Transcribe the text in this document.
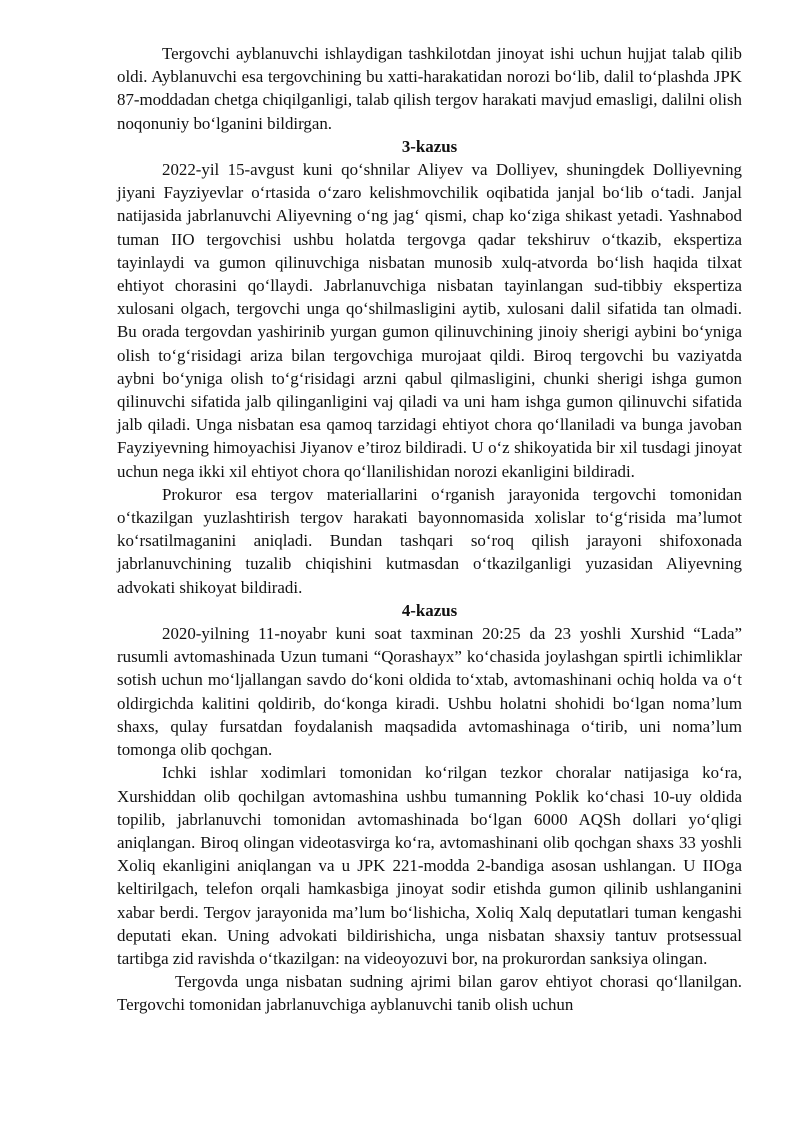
Tergovchi ayblanuvchi ishlaydigan tashkilotdan jinoyat ishi uchun hujjat talab qilib oldi. Ayblanuvchi esa tergovchining bu xatti-harakatidan norozi bo‘lib, dalil to‘plashda JPK 87-moddadan chetga chiqilganligi, talab qilish tergov harakati mavjud emasligi, dalilni olish noqonuniy bo‘lganini bildirgan.

3-kazus

2022-yil 15-avgust kuni qo‘shnilar Aliyev va Dolliyev, shuningdek Dolliyevning jiyani Fayziyevlar o‘rtasida o‘zaro kelishmovchilik oqibatida janjal bo‘lib o‘tadi. Janjal natijasida jabrlanuvchi Aliyevning o‘ng jag‘ qismi, chap ko‘ziga shikast yetadi. Yashnabod tuman IIO tergovchisi ushbu holatda tergovga qadar tekshiruv o‘tkazib, ekspertiza tayinlaydi va gumon qilinuvchiga nisbatan munosib xulq-atvorda bo‘lish haqida tilxat ehtiyot chorasini qo‘llaydi. Jabrlanuvchiga nisbatan tayinlangan sud-tibbiy ekspertiza xulosani olgach, tergovchi unga qo‘shilmasligini aytib, xulosani dalil sifatida tan olmadi. Bu orada tergovdan yashirinib yurgan gumon qilinuvchining jinoiy sherigi aybini bo‘yniga olish to‘g‘risidagi ariza bilan tergovchiga murojaat qildi. Biroq tergovchi bu vaziyatda aybni bo‘yniga olish to‘g‘risidagi arzni qabul qilmasligini, chunki sherigi ishga gumon qilinuvchi sifatida jalb qilinganligini vaj qiladi va uni ham ishga gumon qilinuvchi sifatida jalb qiladi. Unga nisbatan esa qamoq tarzidagi ehtiyot chora qo‘llaniladi va bunga javoban Fayziyevning himoyachisi Jiyanov e’tiroz bildiradi. U o‘z shikoyatida bir xil tusdagi jinoyat uchun nega ikki xil ehtiyot chora qo‘llanilishidan norozi ekanligini bildiradi.

Prokuror esa tergov materiallarini o‘rganish jarayonida tergovchi tomonidan o‘tkazilgan yuzlashtirish tergov harakati bayonnomasida xolislar to‘g‘risida ma’lumot ko‘rsatilmaganini aniqladi. Bundan tashqari so‘roq qilish jarayoni shifoxonada jabrlanuvchining tuzalib chiqishini kutmasdan o‘tkazilganligi yuzasidan Aliyevning advokati shikoyat bildiradi.

4-kazus

2020-yilning 11-noyabr kuni soat taxminan 20:25 da 23 yoshli Xurshid “Lada” rusumli avtomashinada Uzun tumani “Qorashayx” ko‘chasida joylashgan spirtli ichimliklar sotish uchun mo‘ljallangan savdo do‘koni oldida to‘xtab, avtomashinani ochiq holda va o‘t oldirgichda kalitini qoldirib, do‘konga kiradi. Ushbu holatni shohidi bo‘lgan noma’lum shaxs, qulay fursatdan foydalanish maqsadida avtomashinaga o‘tirib, uni noma’lum tomonga olib qochgan.

Ichki ishlar xodimlari tomonidan ko‘rilgan tezkor choralar natijasiga ko‘ra, Xurshiddan olib qochilgan avtomashina ushbu tumanning Poklik ko‘chasi 10-uy oldida topilib, jabrlanuvchi tomonidan avtomashinada bo‘lgan 6000 AQSh dollari yo‘qligi aniqlangan. Biroq olingan videotasvirga ko‘ra, avtomashinani olib qochgan shaxs 33 yoshli Xoliq ekanligini aniqlangan va u JPK 221-modda 2-bandiga asosan ushlangan. U IIOga keltirilgach, telefon orqali hamkasbiga jinoyat sodir etishda gumon qilinib ushlanganini xabar berdi. Tergov jarayonida ma’lum bo‘lishicha, Xoliq Xalq deputatlari tuman kengashi deputati ekan. Uning advokati bildirishicha, unga nisbatan shaxsiy tantuv protsessual tartibga zid ravishda o‘tkazilgan: na videoyozuvi bor, na prokurordan sanksiya olingan.

Tergovda unga nisbatan sudning ajrimi bilan garov ehtiyot chorasi qo‘llanilgan. Tergovchi tomonidan jabrlanuvchiga ayblanuvchi tanib olish uchun
